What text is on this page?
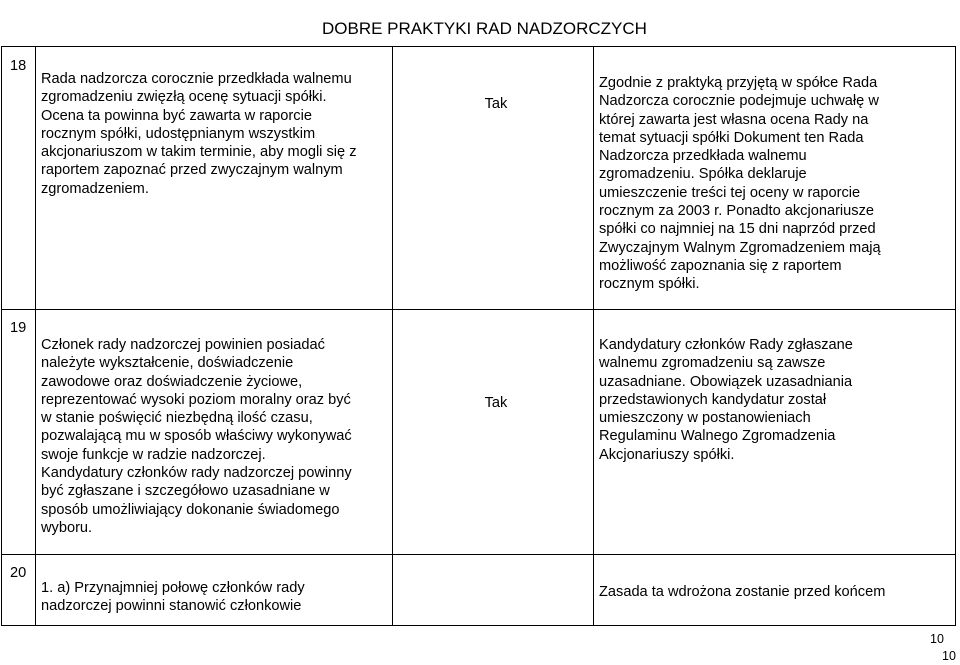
DOBRE PRAKTYKI RAD NADZORCZYCH
18
Rada nadzorcza corocznie przedkłada walnemu
zgromadzeniu zwięzłą ocenę sytuacji spółki.
Ocena ta powinna być zawarta w raporcie
rocznym spółki, udostępnianym wszystkim
akcjonariuszom w takim terminie, aby mogli się z
raportem zapoznać przed zwyczajnym walnym
zgromadzeniem.
Tak
Zgodnie z praktyką przyjętą w spółce Rada
Nadzorcza corocznie podejmuje uchwałę w
której zawarta jest własna ocena Rady na
temat sytuacji spółki Dokument ten Rada
Nadzorcza przedkłada walnemu
zgromadzeniu. Spółka deklaruje
umieszczenie treści tej oceny w raporcie
rocznym za 2003 r. Ponadto akcjonariusze
spółki co najmniej na 15 dni naprzód przed
Zwyczajnym Walnym Zgromadzeniem mają
możliwość zapoznania się z raportem
rocznym spółki.
19
Członek rady nadzorczej powinien posiadać
należyte wykształcenie, doświadczenie
zawodowe oraz doświadczenie życiowe,
reprezentować wysoki poziom moralny oraz być
w stanie poświęcić niezbędną ilość czasu,
pozwalającą mu w sposób właściwy wykonywać
swoje funkcje w radzie nadzorczej.
Kandydatury członków rady nadzorczej powinny
być zgłaszane i szczegółowo uzasadniane w
sposób umożliwiający dokonanie świadomego
wyboru.
Tak
Kandydatury członków Rady zgłaszane
walnemu zgromadzeniu są zawsze
uzasadniane. Obowiązek uzasadniania
przedstawionych kandydatur został
umieszczony w postanowieniach
Regulaminu Walnego Zgromadzenia
Akcjonariuszy spółki.
20
1. a) Przynajmniej połowę członków rady
nadzorczej powinni stanowić członkowie
Zasada ta wdrożona zostanie przed końcem
10
10
